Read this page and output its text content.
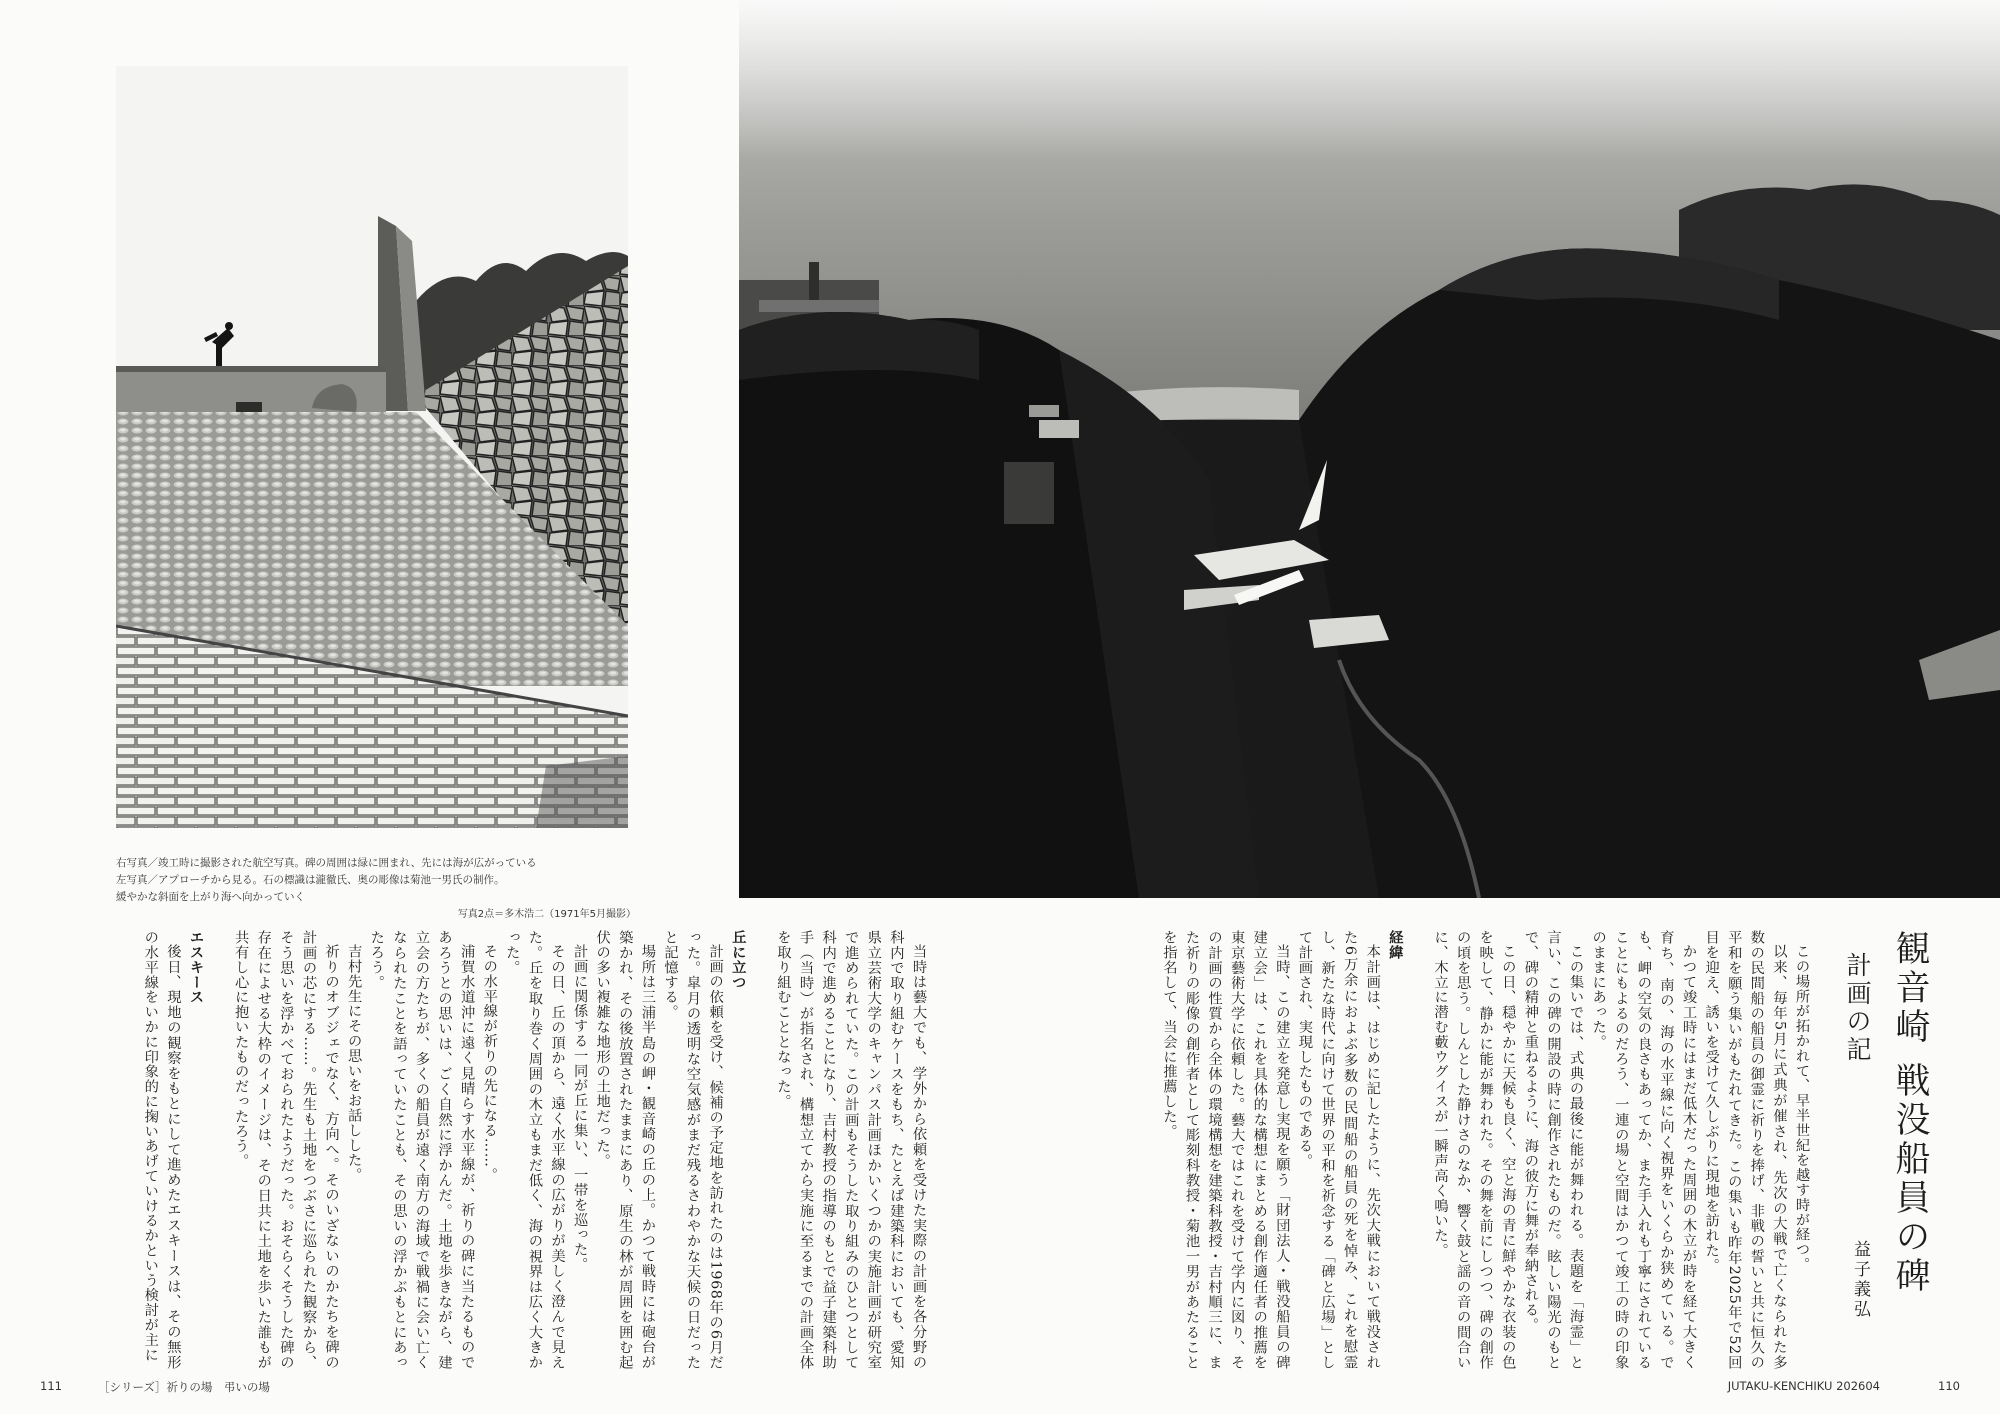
右写真／竣工時に撮影された航空写真。碑の周囲は緑に囲まれ、先には海が広がっている
左写真／アプローチから見る。石の標識は瀧徹氏、奥の彫像は菊池一男氏の制作。
緩やかな斜面を上がり海へ向かっていく
写真2点＝多木浩二（1971年5月撮影）
観音崎 戦没船員の碑
計画の記
益子義弘

この場所が拓かれて、早半世紀を越す時が経つ。

以来、毎年5月に式典が催され、先次の大戦で亡くなられた多数の民間船の船員の御霊に祈りを捧げ、非戦の誓いと共に恒久の平和を願う集いがもたれてきた。この集いも昨年2025年で52回目を迎え、誘いを受けて久しぶりに現地を訪れた。

かつて竣工時にはまだ低木だった周囲の木立が時を経て大きく育ち、南の、海の水平線に向く視界をいくらか狭めている。でも、岬の空気の良さもあってか、また手入れも丁寧にされていることにもよるのだろう、一連の場と空間はかつて竣工の時の印象のままにあった。

この集いでは、式典の最後に能が舞われる。表題を「海霊」と言い、この碑の開設の時に創作されたものだ。眩しい陽光のもとで、碑の精神と重ねるように、海の彼方に舞が奉納される。

この日、穏やかに天候も良く、空と海の青に鮮やかな衣装の色を映して、静かに能が舞われた。その舞を前にしつつ、碑の創作の頃を思う。しんとした静けさのなか、響く鼓と謡の音の間合いに、木立に潜む藪ウグイスが一瞬声高く鳴いた。

経緯

本計画は、はじめに記したように、先次大戦において戦没された6万余におよぶ多数の民間船の船員の死を悼み、これを慰霊し、新たな時代に向けて世界の平和を祈念する「碑と広場」として計画され、実現したものである。

当時、この建立を発意し実現を願う「財団法人・戦没船員の碑建立会」は、これを具体的な構想にまとめる創作適任者の推薦を東京藝術大学に依頼した。藝大ではこれを受けて学内に図り、その計画の性質から全体の環境構想を建築科教授・吉村順三に、また祈りの彫像の創作者として彫刻科教授・菊池一男があたることを指名して、当会に推薦した。

当時は藝大でも、学外から依頼を受けた実際の計画を各分野の科内で取り組むケースをもち、たとえば建築科においても、愛知県立芸術大学のキャンパス計画ほかいくつかの実施計画が研究室で進められていた。この計画もそうした取り組みのひとつとして科内で進めることになり、吉村教授の指導のもとで益子建築科助手（当時）が指名され、構想立てから実施に至るまでの計画全体を取り組むこととなった。

丘に立つ

計画の依頼を受け、候補の予定地を訪れたのは1968年の6月だった。皐月の透明な空気感がまだ残るさわやかな天候の日だったと記憶する。

場所は三浦半島の岬・観音崎の丘の上。かつて戦時には砲台が築かれ、その後放置されたままにあり、原生の林が周囲を囲む起伏の多い複雑な地形の土地だった。

計画に関係する一同が丘に集い、一帯を巡った。

その日、丘の頂から、遠く水平線の広がりが美しく澄んで見えた。丘を取り巻く周囲の木立もまだ低く、海の視界は広く大きかった。

その水平線が祈りの先になる……。

浦賀水道沖に遠く見晴らす水平線が、祈りの碑に当たるものであろうとの思いは、ごく自然に浮かんだ。土地を歩きながら、建立会の方たちが、多くの船員が遠く南方の海域で戦禍に会い亡くなられたことを語っていたことも、その思いの浮かぶもとにあったろう。

吉村先生にその思いをお話しした。

祈りのオブジェでなく、方向へ。そのいざないのかたちを碑の計画の芯にする……。先生も土地をつぶさに巡られた観察から、そう思いを浮かべておられたようだった。おそらくそうした碑の存在によせる大枠のイメージは、その日共に土地を歩いた誰もが共有し心に抱いたものだったろう。

エスキース

後日、現地の観察をもとにして進めたエスキースは、その無形の水平線をいかに印象的に掬いあげていけるかという検討が主に

111	［シリーズ］祈りの場　弔いの場	JUTAKU-KENCHIKU 202604	110
